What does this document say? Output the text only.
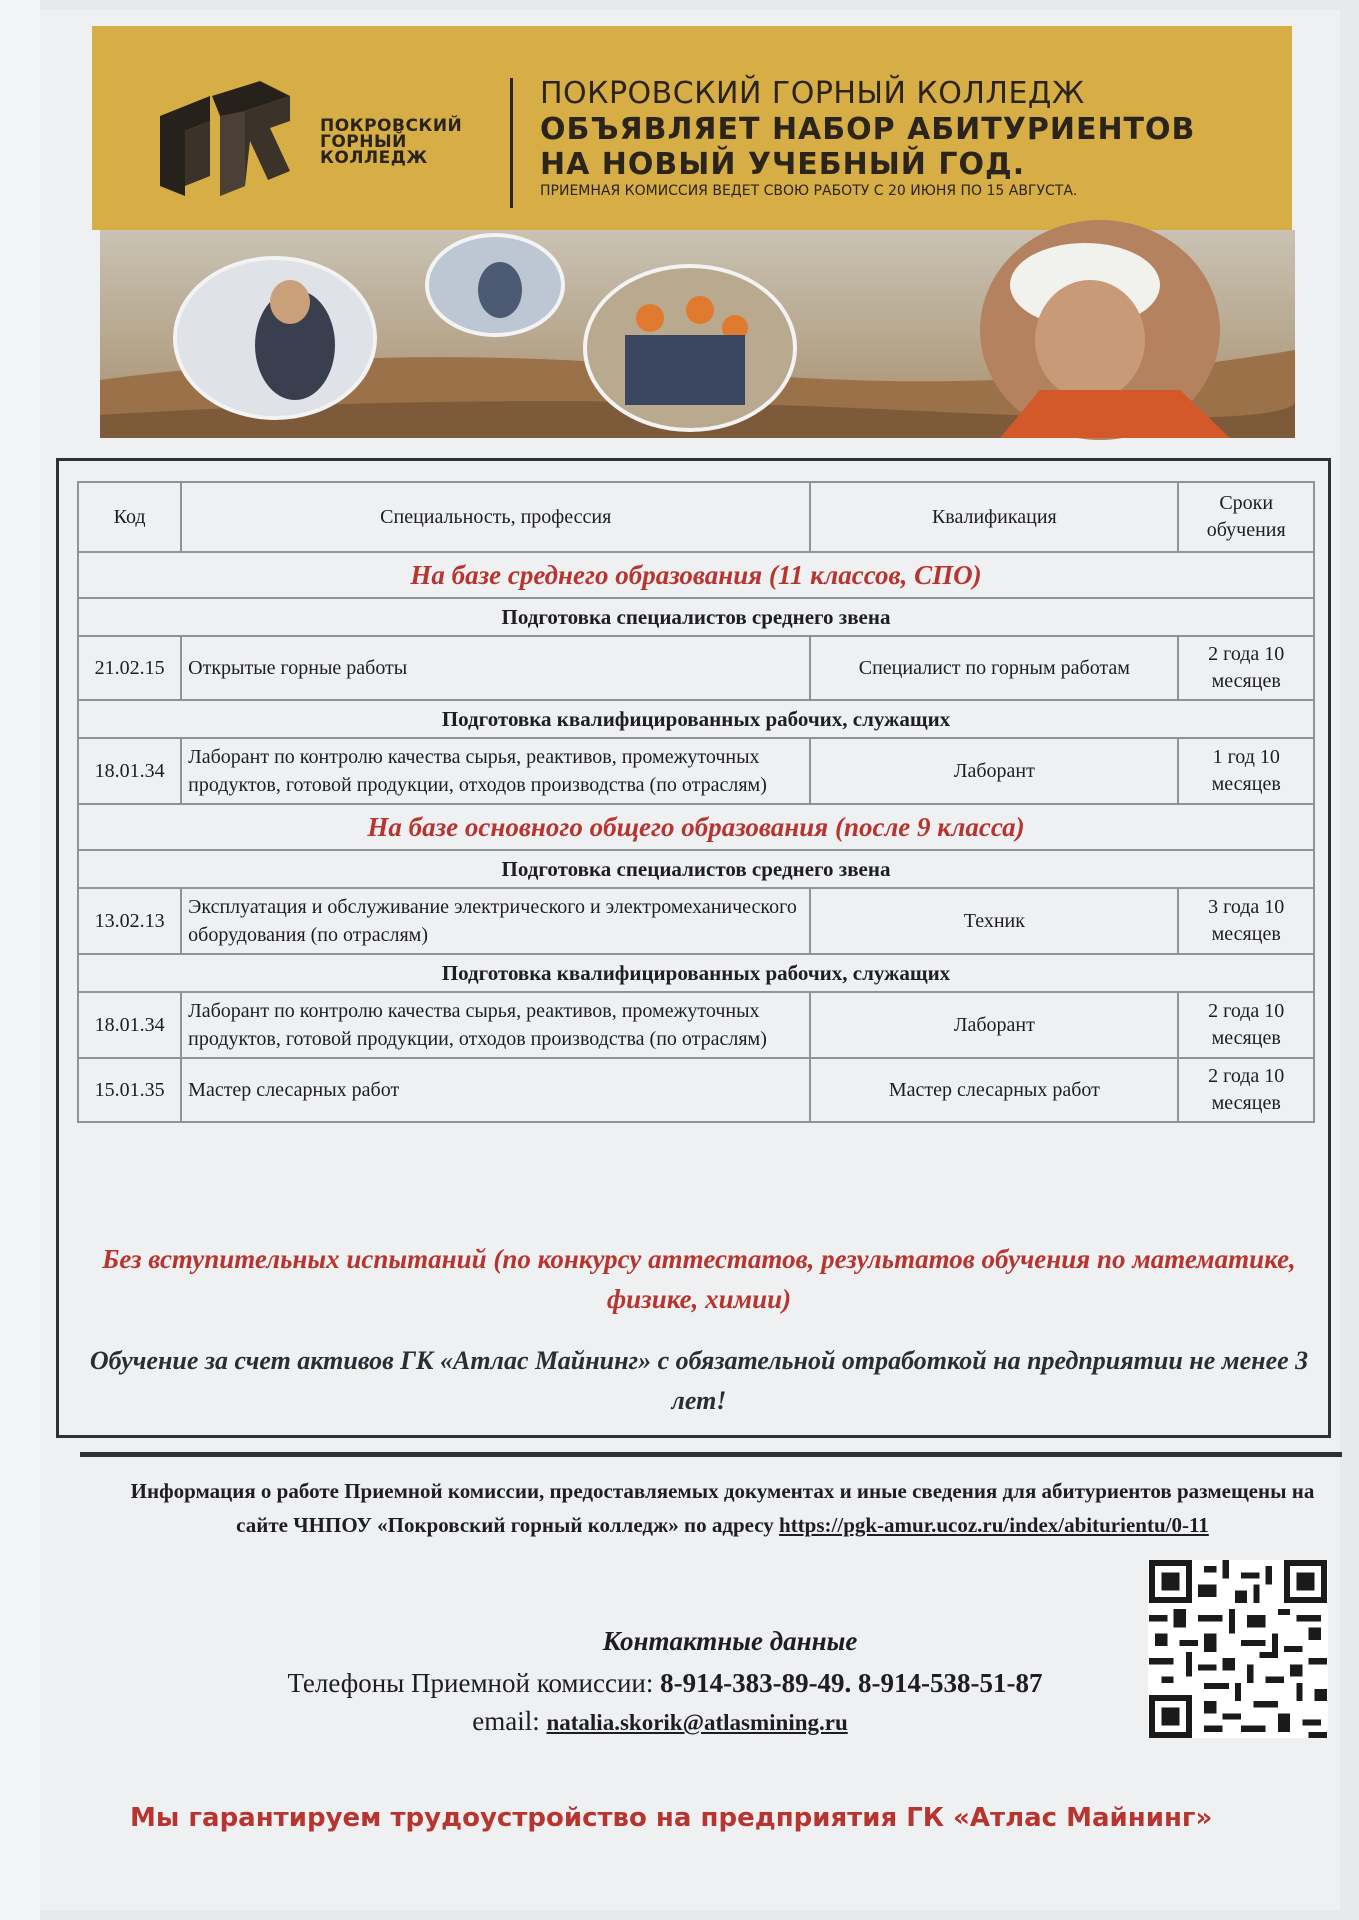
ПОКРОВСКИЙ
ГОРНЫЙ
КОЛЛЕДЖ
ПОКРОВСКИЙ ГОРНЫЙ КОЛЛЕДЖ
ОБЪЯВЛЯЕТ НАБОР АБИТУРИЕНТОВ
НА НОВЫЙ УЧЕБНЫЙ ГОД.
ПРИЕМНАЯ КОМИССИЯ ВЕДЕТ СВОЮ РАБОТУ С 20 ИЮНЯ ПО 15 АВГУСТА.
Код	Специальность, профессия	Квалификация	Сроки обучения
На базе среднего образования (11 классов, СПО)			
Подготовка специалистов среднего звена			
21.02.15	Открытые горные работы	Специалист по горным работам	2 года 10 месяцев
Подготовка квалифицированных рабочих, служащих			
18.01.34	Лаборант по контролю качества сырья, реактивов, промежуточных продуктов, готовой продукции, отходов производства (по отраслям)	Лаборант	1 год 10 месяцев
На базе основного общего образования (после 9 класса)			
Подготовка специалистов среднего звена			
13.02.13	Эксплуатация и обслуживание электрического и электромеханического оборудования (по отраслям)	Техник	3 года 10 месяцев
Подготовка квалифицированных рабочих, служащих			
18.01.34	Лаборант по контролю качества сырья, реактивов, промежуточных продуктов, готовой продукции, отходов производства (по отраслям)	Лаборант	2 года 10 месяцев
15.01.35	Мастер слесарных работ	Мастер слесарных работ	2 года 10 месяцев
Без вступительных испытаний (по конкурсу аттестатов, результатов обучения по математике, физике, химии)
Обучение за счет активов ГК «Атлас Майнинг» с обязательной отработкой на предприятии не менее 3 лет!
Информация о работе Приемной комиссии, предоставляемых документах и иные сведения для абитуриентов размещены на сайте ЧНПОУ «Покровский горный колледж» по адресу https://pgk-amur.ucoz.ru/index/abiturientu/0-11
Контактные данные
Телефоны Приемной комиссии: 8-914-383-89-49. 8-914-538-51-87
email: natalia.skorik@atlasmining.ru
Мы гарантируем трудоустройство на предприятия ГК «Атлас Майнинг»
